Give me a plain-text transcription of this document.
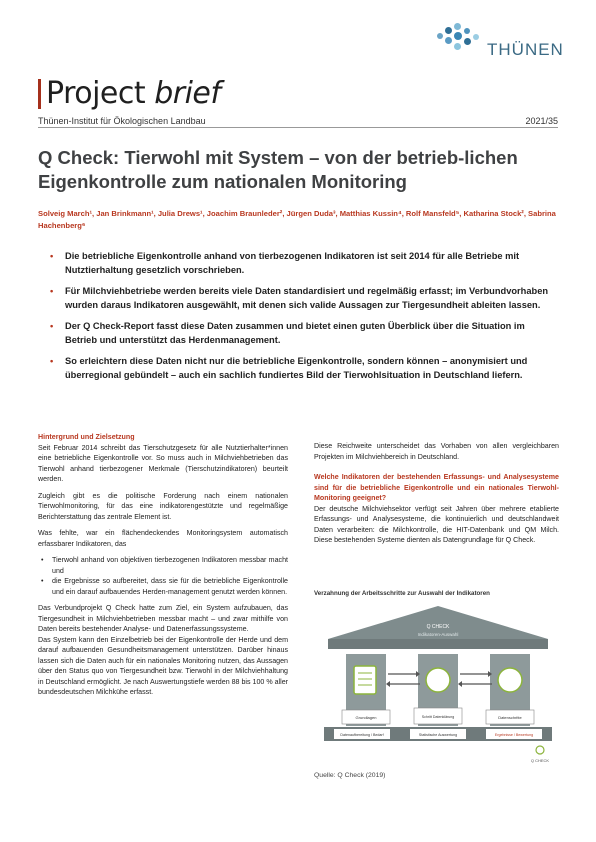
THÜNEN
Project brief
Thünen-Institut für Ökologischen Landbau	2021/35
Q Check: Tierwohl mit System – von der betrieb-lichen Eigenkontrolle zum nationalen Monitoring
Solveig March¹, Jan Brinkmann¹, Julia Drews¹, Joachim Braunleder², Jürgen Duda³, Matthias Kussin⁴, Rolf Mansfeld⁵, Katharina Stock², Sabrina Hachenberg⁶
• Die betriebliche Eigenkontrolle anhand von tierbezogenen Indikatoren ist seit 2014 für alle Betriebe mit Nutztierhaltung gesetzlich vorschrieben.
• Für Milchviehbetriebe werden bereits viele Daten standardisiert und regelmäßig erfasst; im Verbundvorhaben wurden daraus Indikatoren ausgewählt, mit denen sich valide Aussagen zur Tiergesundheit ableiten lassen.
• Der Q Check-Report fasst diese Daten zusammen und bietet einen guten Überblick über die Situation im Betrieb und unterstützt das Herdenmanagement.
• So erleichtern diese Daten nicht nur die betriebliche Eigenkontrolle, sondern können – anonymisiert und überregional gebündelt – auch ein sachlich fundiertes Bild der Tierwohlsituation in Deutschland liefern.
Hintergrund und Zielsetzung

Seit Februar 2014 schreibt das Tierschutzgesetz für alle Nutztierhalter*innen eine betriebliche Eigenkontrolle vor. So muss auch in Milchviehbetrieben das Tierwohl anhand tierbezogener Merkmale (Tierschutzindikatoren) beurteilt werden.

Zugleich gibt es die politische Forderung nach einem nationalen Tierwohlmonitoring, für das eine indikatorengestützte und regelmäßige Berichterstattung das zentrale Element ist.

Was fehlte, war ein flächendeckendes Monitoringsystem automatisch erfassbarer Indikatoren, das

• Tierwohl anhand von objektiven tierbezogenen Indikatoren messbar macht und
• die Ergebnisse so aufbereitet, dass sie für die betriebliche Eigenkontrolle und ein darauf aufbauendes Herden-management genutzt werden können.

Das Verbundprojekt Q Check hatte zum Ziel, ein System aufzubauen, das Tiergesundheit in Milchviehbetrieben messbar macht – und zwar mithilfe von Daten bereits bestehender Analyse- und Datenerfassungssysteme.

Das System kann den Einzelbetrieb bei der Eigenkontrolle der Herde und dem darauf aufbauenden Gesundheitsmanagement unterstützen. Darüber hinaus lassen sich die Daten auch für ein nationales Monitoring nutzen, das Aussagen über den Status quo von Tiergesundheit bzw. Tierwohl in der Milchviehhaltung in Deutschland ermöglicht. Je nach Auswertungstiefe werden 88 bis 100 % aller bundesdeutschen Milchkühe erfasst.

Diese Reichweite unterscheidet das Vorhaben von allen vergleichbaren Projekten im Milchviehbereich in Deutschland.

Welche Indikatoren der bestehenden Erfassungs- und Analysesysteme sind für die betriebliche Eigenkontrolle und ein nationales Tierwohl-Monitoring geeignet?

Der deutsche Milchviehsektor verfügt seit Jahren über mehrere etablierte Erfassungs- und Analysesysteme, die kontinuierlich und deutschlandweit Daten verarbeiten: die Milchkontrolle, die HIT-Datenbank und QM Milch. Diese bestehenden Systeme dienten als Datengrundlage für Q Check.

Verzahnung der Arbeitsschritte zur Auswahl der Indikatoren
Q CHECK
Indikatoren-Auswahl
Grundlagen	Schritt Datenklärung	Datenschritte
Datenaufbereitung / Bedarf	Statistische Auswertung	Ergebnisse / Bewertung
Q CHECK
Quelle: Q Check (2019)
